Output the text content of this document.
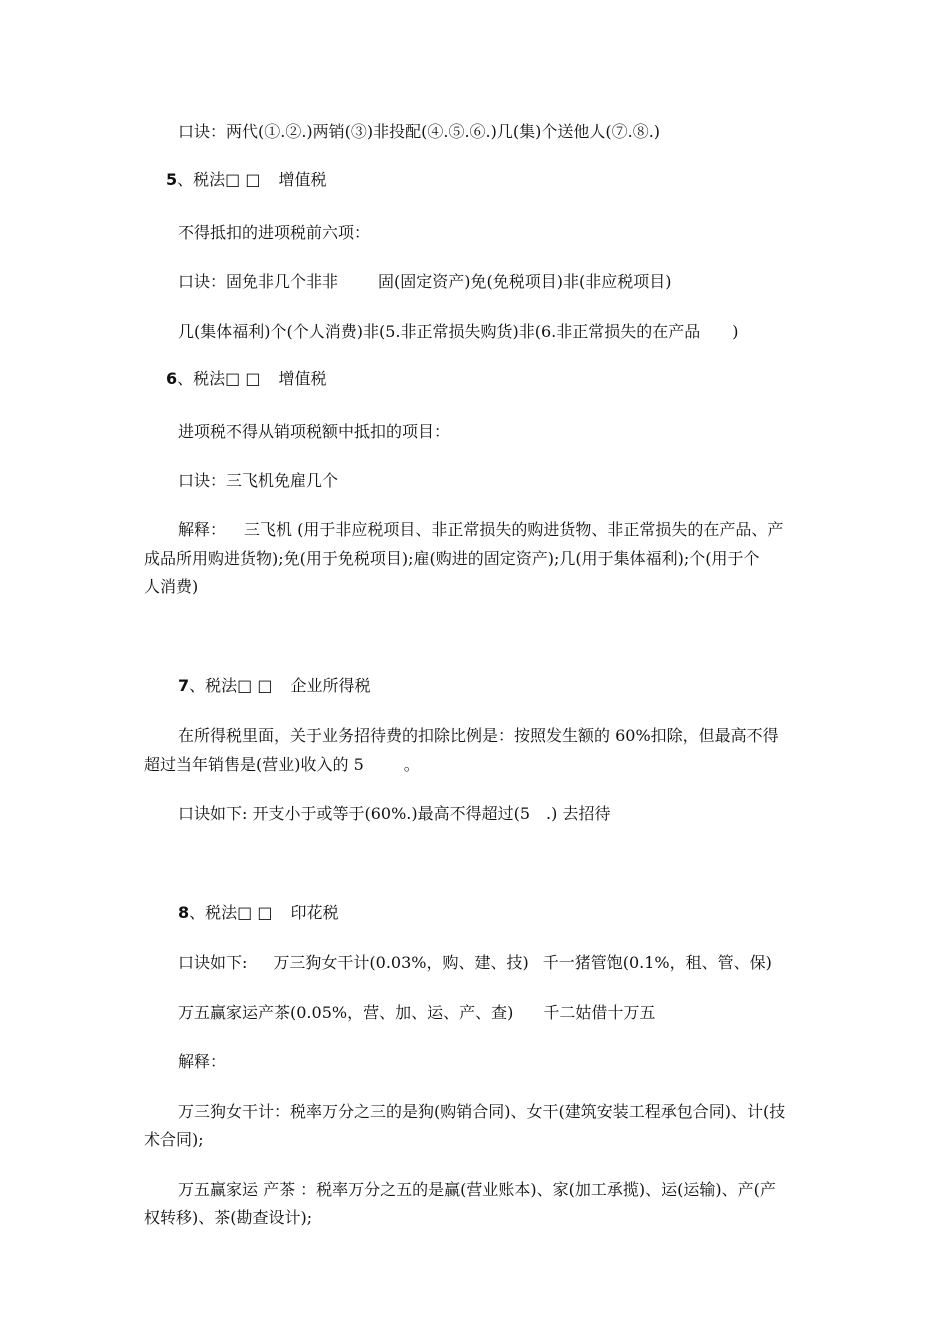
口诀：两代(①.②.)两销(③)非投配(④.⑤.⑥.)几(集)个送他人(⑦.⑧.)
5、税法□ □ 增值税
不得抵扣的进项税前六项：
口诀：固免非几个非非	固(固定资产)免(免税项目)非(非应税项目)
几(集体福利)个(个人消费)非(5.非正常损失购货)非(6.非正常损失的在产品 )
6、税法□ □ 增值税
进项税不得从销项税额中抵扣的项目：
口诀：三飞机免雇几个
解释： 三飞机 (用于非应税项目、非正常损失的购进货物、非正常损失的在产品、产
成品所用购进货物);免(用于免税项目);雇(购进的固定资产);几(用于集体福利);个(用于个
人消费)
7、税法□ □ 企业所得税
在所得税里面，关于业务招待费的扣除比例是：按照发生额的 60%扣除，但最高不得
超过当年销售是(营业)收入的 5	。
口诀如下: 开支小于或等于(60%.)最高不得超过(5 .) 去招待
8、税法□ □ 印花税
口诀如下: 万三狗女干计(0.03%，购、建、技) 千一猪管饱(0.1%，租、管、保)
万五赢家运产茶(0.05%，营、加、运、产、查) 千二姑借十万五
解释：
万三狗女干计：税率万分之三的是狗(购销合同)、女干(建筑安装工程承包合同)、计(技
术合同);
万五赢家运 产茶 ：税率万分之五的是赢(营业账本)、家(加工承揽)、运(运输)、产(产
权转移)、茶(勘查设计);
